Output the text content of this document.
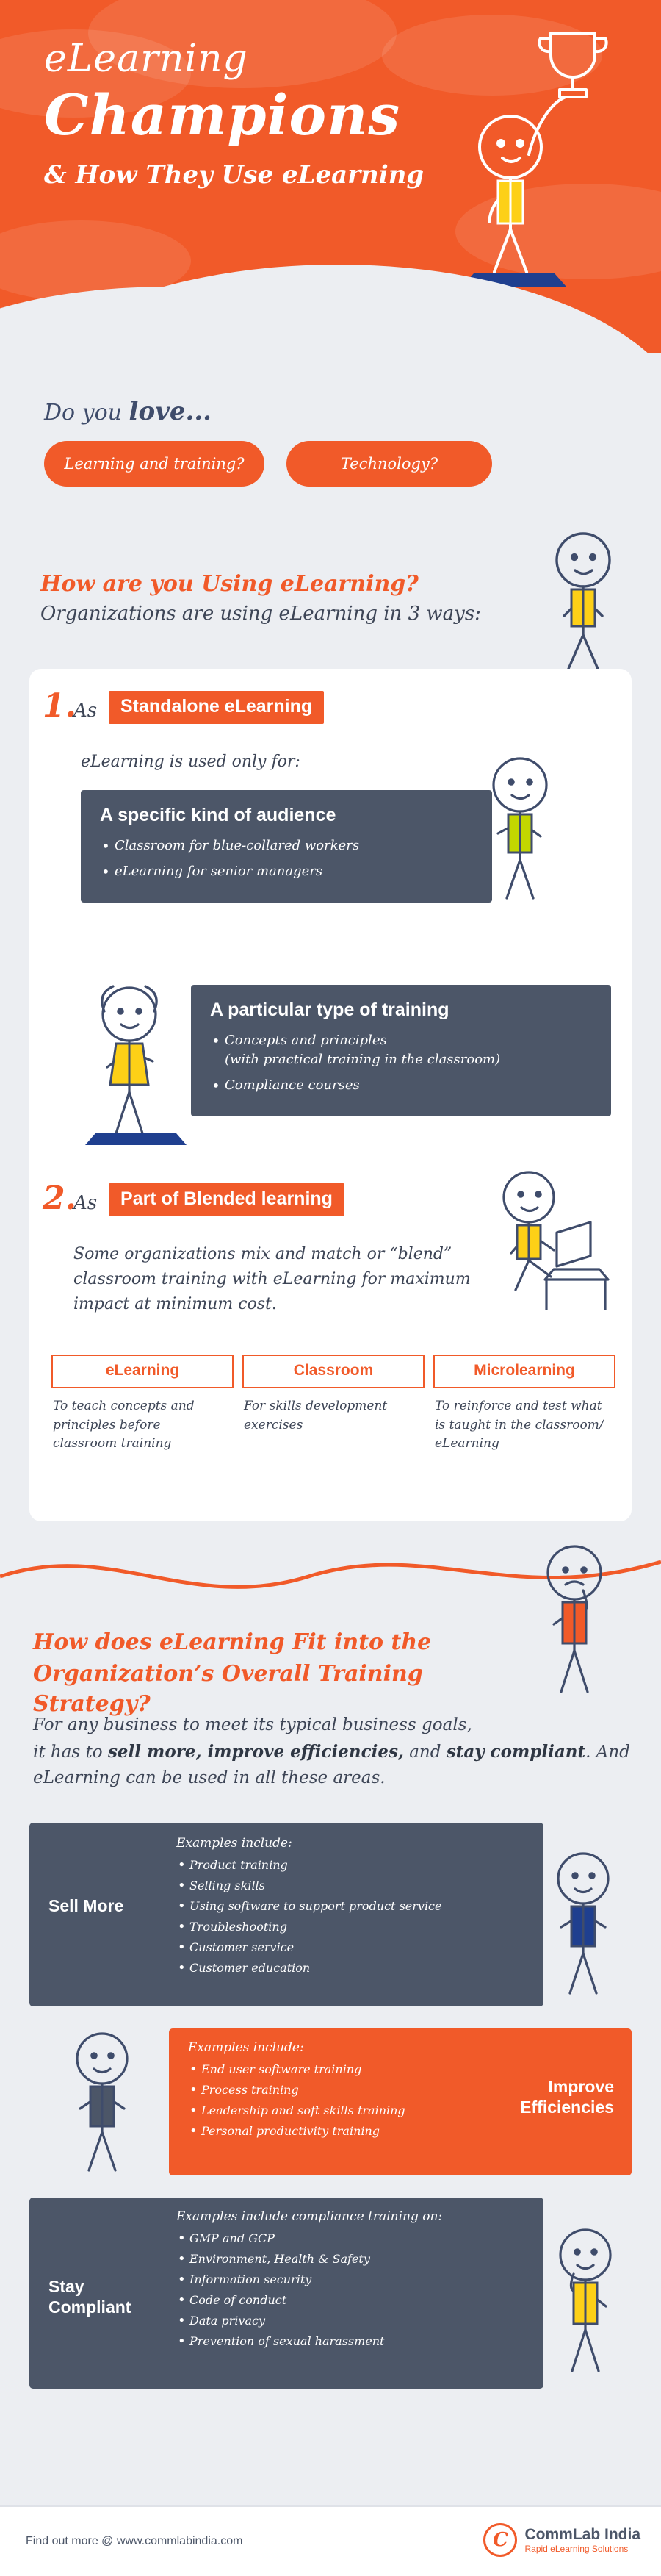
eLearning
Champions
& How They Use eLearning
Do you love...
Learning and training?	Technology?
How are you Using eLearning?
Organizations are using eLearning in 3 ways:
1.
As	Standalone eLearning
eLearning is used only for:
A specific kind of audience
• Classroom for blue-collared workers
• eLearning for senior managers
A particular type of training
• Concepts and principles
(with practical training in the classroom)
• Compliance courses
2.
As	Part of Blended learning
Some organizations mix and match or “blend” classroom training with eLearning for maximum impact at minimum cost.
eLearning
To teach concepts and principles before classroom training
Classroom
For skills development exercises
Microlearning
To reinforce and test what is taught in the classroom/ eLearning
How does eLearning Fit into the
Organization’s Overall Training Strategy?
For any business to meet its typical business goals,
it has to sell more, improve efficiencies, and stay compliant. And eLearning can be used in all these areas.
Sell More
Examples include:
• Product training
• Selling skills
• Using software to support product service
• Troubleshooting
• Customer service
• Customer education
Improve
Efficiencies
Examples include:
• End user software training
• Process training
• Leadership and soft skills training
• Personal productivity training
Stay
Compliant
Examples include compliance training on:
• GMP and GCP
• Environment, Health & Safety
• Information security
• Code of conduct
• Data privacy
• Prevention of sexual harassment
Find out more @ www.commlabindia.com	C	CommLab India
Rapid eLearning Solutions
